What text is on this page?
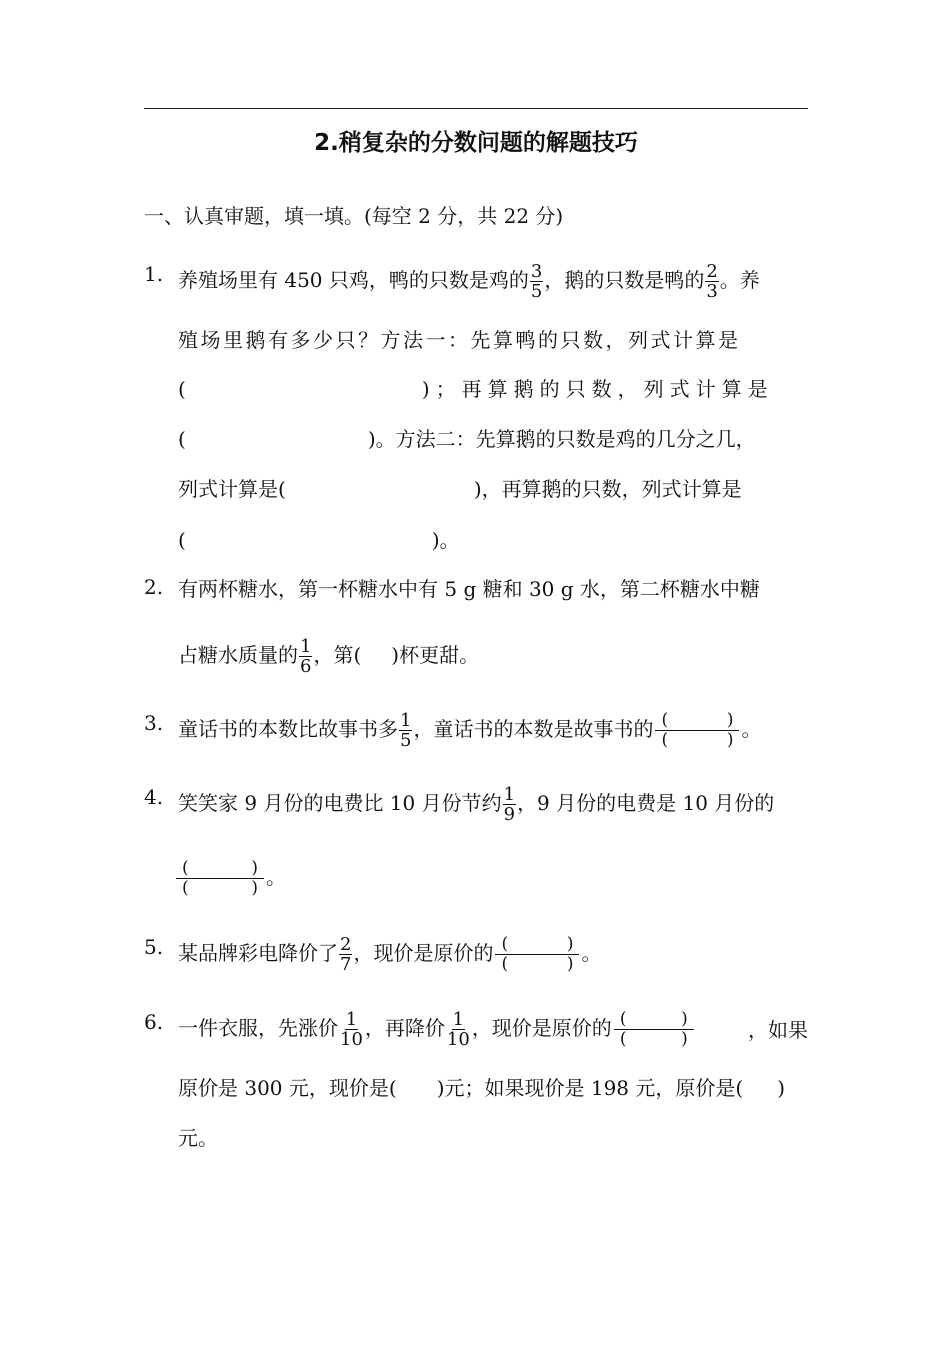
2.稍复杂的分数问题的解题技巧
一、认真审题，填一填。(每空 2 分，共 22 分)
1. 养殖场里有 450 只鸡，鸭的只数是鸡的 $\frac{3}{5}$ ，鹅的只数是鸭的 $\frac{2}{3}$ 。养
殖场里鹅有多少只？方法一：先算鸭的只数，列式计算是
(	)；再算鹅的只数，列式计算是
(	)。方法二：先算鹅的只数是鸡的几分之几，
列式计算是(	)，再算鹅的只数，列式计算是
(	)。
2. 有两杯糖水，第一杯糖水中有 5 g 糖和 30 g 水，第二杯糖水中糖
占糖水质量的 $\frac{1}{6}$ ，第( )杯更甜。
3. 童话书的本数比故事书多 $\frac{1}{5}$ ，童话书的本数是故事书的 (	)
(	) 。
4. 笑笑家 9 月份的电费比 10 月份节约 $\frac{1}{9}$ ，9 月份的电费是 10 月份的
(	)
(	) 。
5. 某品牌彩电降价了 $\frac{2}{7}$ ，现价是原价的 (	)
(	) 。
6. 一件衣服，先涨价 $\frac{1}{10}$ ，再降价 $\frac{1}{10}$ ，现价是原价的 (	)
(	)	，如果
原价是 300 元，现价是( )元；如果现价是 198 元，原价是( )
元。
